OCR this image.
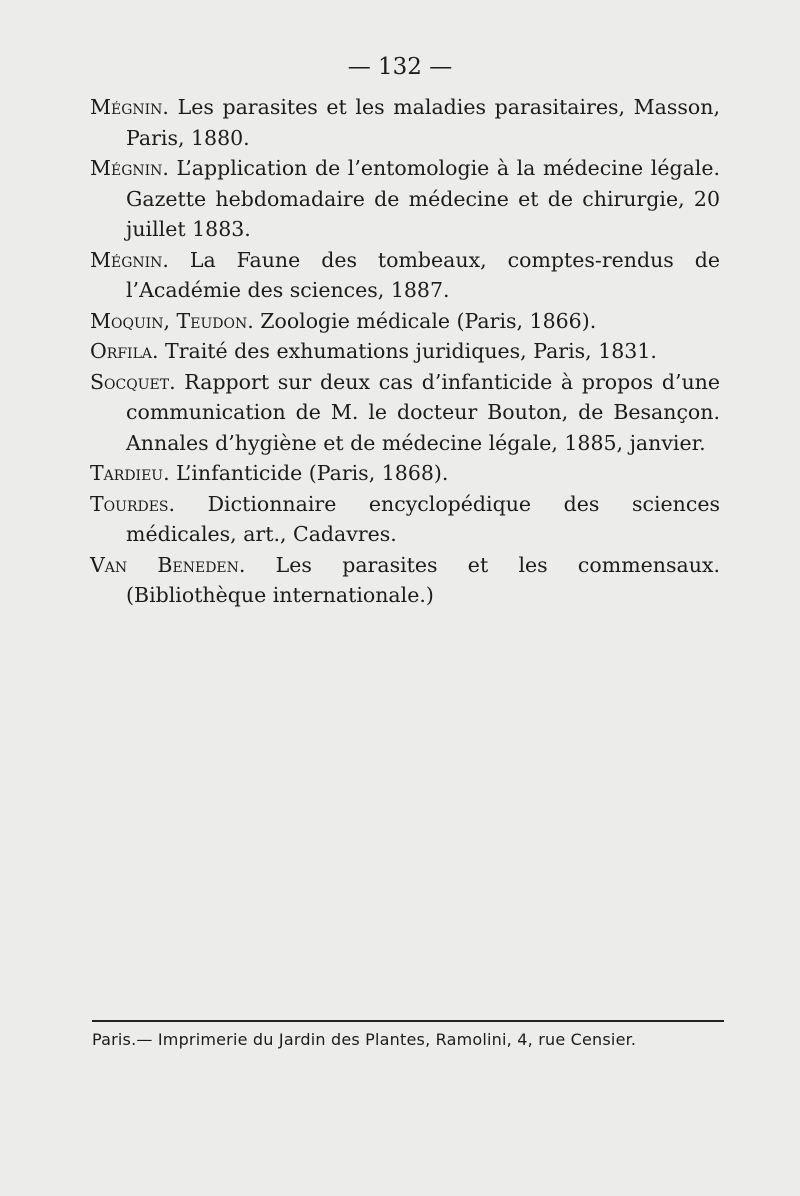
— 132 —

Mégnin. Les parasites et les maladies parasitaires, Masson, Paris, 1880.

Mégnin. L’application de l’entomologie à la médecine légale. Gazette hebdomadaire de médecine et de chirurgie, 20 juillet 1883.

Mégnin. La Faune des tombeaux, comptes-rendus de l’Académie des sciences, 1887.

Moquin, Teudon. Zoologie médicale (Paris, 1866).

Orfila. Traité des exhumations juridiques, Paris, 1831.

Socquet. Rapport sur deux cas d’infanticide à propos d’une communication de M. le docteur Bouton, de Besançon. Annales d’hygiène et de médecine légale, 1885, janvier.

Tardieu. L’infanticide (Paris, 1868).

Tourdes. Dictionnaire encyclopédique des sciences médicales, art., Cadavres.

Van Beneden. Les parasites et les commensaux. (Bibliothèque internationale.)

Paris.— Imprimerie du Jardin des Plantes, Ramolini, 4, rue Censier.
